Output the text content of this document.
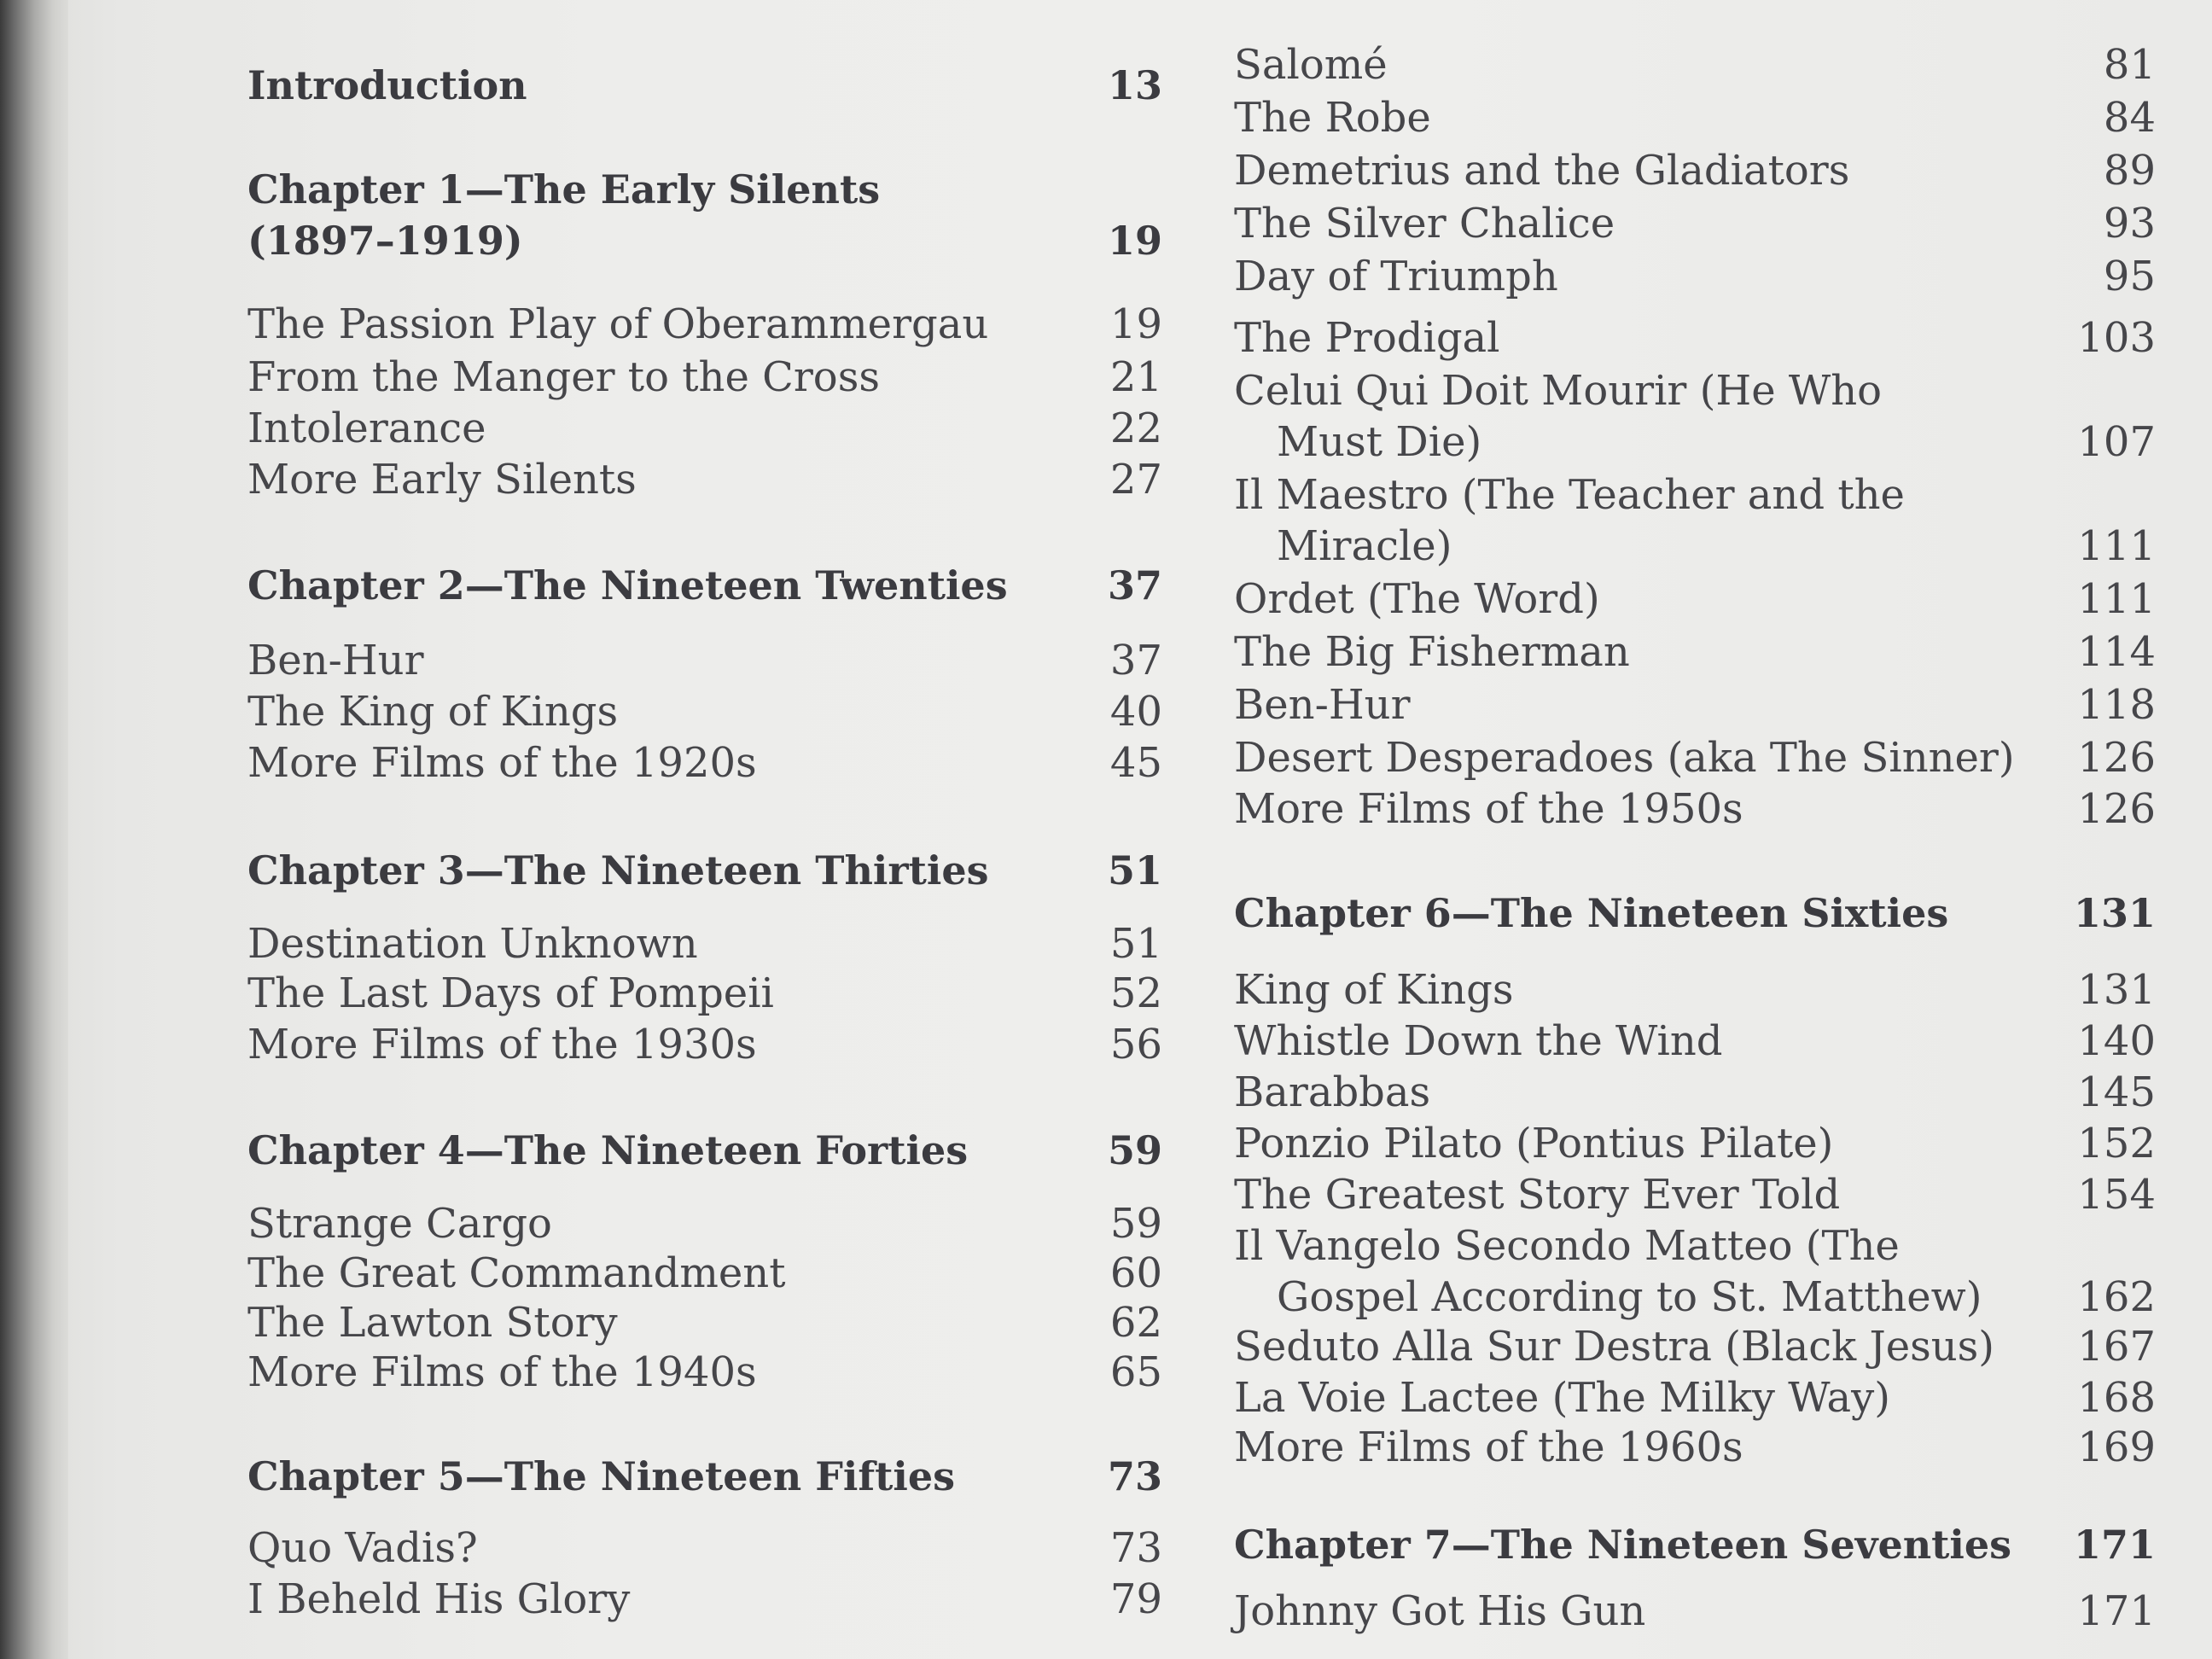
Introduction	13
Chapter 1—The Early Silents
(1897–1919)	19
The Passion Play of Oberammergau	19
From the Manger to the Cross	21
Intolerance	22
More Early Silents	27
Chapter 2—The Nineteen Twenties	37
Ben-Hur	37
The King of Kings	40
More Films of the 1920s	45
Chapter 3—The Nineteen Thirties	51
Destination Unknown	51
The Last Days of Pompeii	52
More Films of the 1930s	56
Chapter 4—The Nineteen Forties	59
Strange Cargo	59
The Great Commandment	60
The Lawton Story	62
More Films of the 1940s	65
Chapter 5—The Nineteen Fifties	73
Quo Vadis?	73
I Beheld His Glory	79
Salomé	81
The Robe	84
Demetrius and the Gladiators	89
The Silver Chalice	93
Day of Triumph	95
The Prodigal	103
Celui Qui Doit Mourir (He Who
Must Die)	107
Il Maestro (The Teacher and the
Miracle)	111
Ordet (The Word)	111
The Big Fisherman	114
Ben-Hur	118
Desert Desperadoes (aka The Sinner) 126
More Films of the 1950s	126
Chapter 6—The Nineteen Sixties	131
King of Kings	131
Whistle Down the Wind	140
Barabbas	145
Ponzio Pilato (Pontius Pilate)	152
The Greatest Story Ever Told	154
Il Vangelo Secondo Matteo (The
Gospel According to St. Matthew) 162
Seduto Alla Sur Destra (Black Jesus) 167
La Voie Lactee (The Milky Way)	168
More Films of the 1960s	169
Chapter 7—The Nineteen Seventies 171
Johnny Got His Gun	171
